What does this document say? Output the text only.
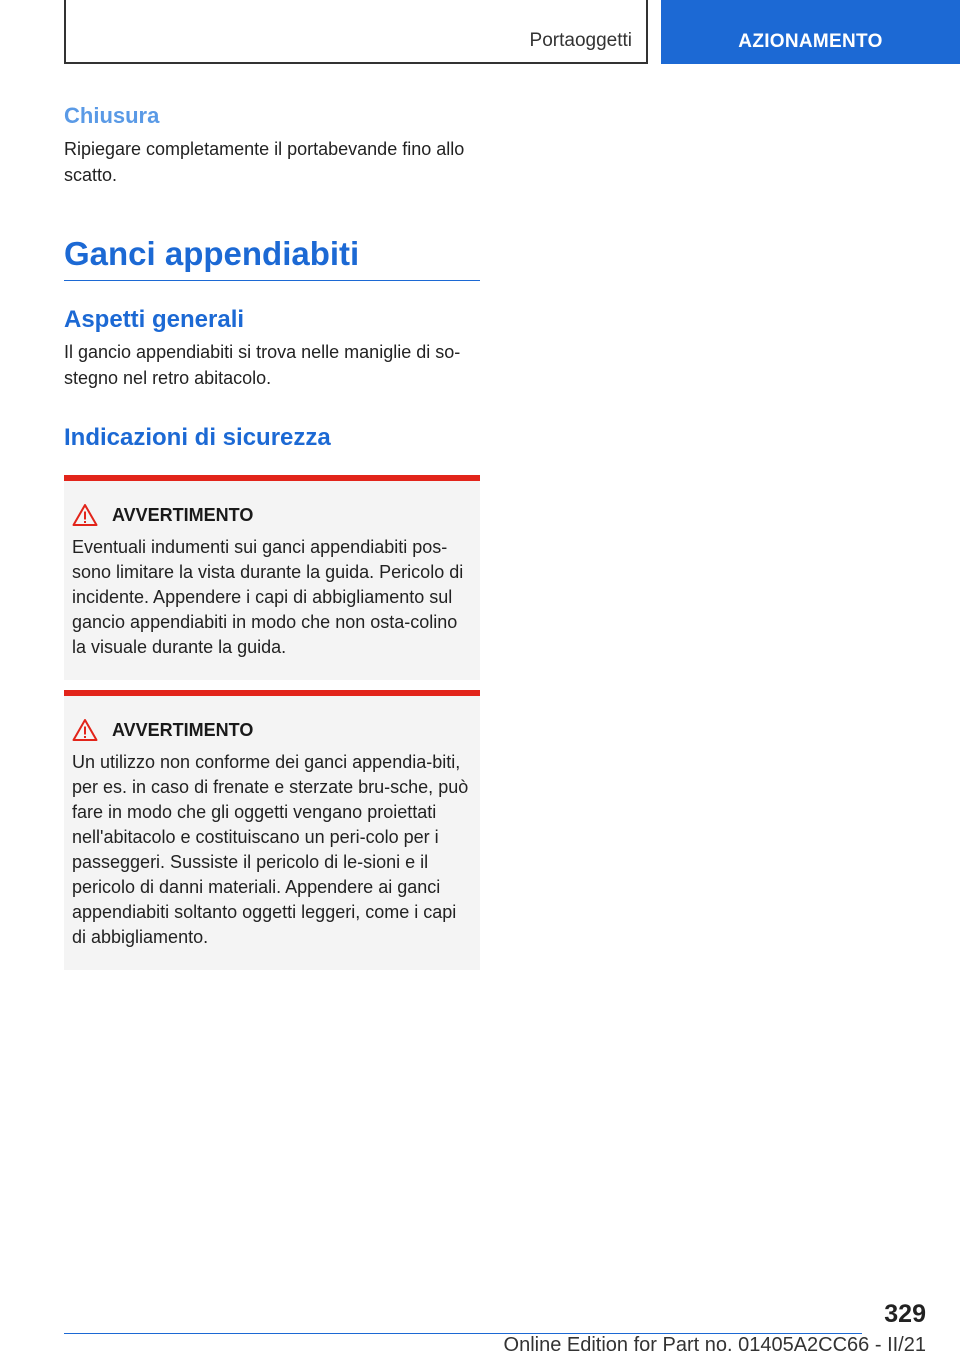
Portaoggetti	AZIONAMENTO
Chiusura

Ripiegare completamente il portabevande fino allo scatto.

Ganci appendiabiti
Aspetti generali

Il gancio appendiabiti si trova nelle maniglie di so-stegno nel retro abitacolo.

Indicazioni di sicurezza
AVVERTIMENTO
Eventuali indumenti sui ganci appendiabiti pos-sono limitare la vista durante la guida. Pericolo di incidente. Appendere i capi di abbigliamento sul gancio appendiabiti in modo che non osta-colino la visuale durante la guida.
AVVERTIMENTO
Un utilizzo non conforme dei ganci appendia-biti, per es. in caso di frenate e sterzate bru-sche, può fare in modo che gli oggetti vengano proiettati nell'abitacolo e costituiscano un peri-colo per i passeggeri. Sussiste il pericolo di le-sioni e il pericolo di danni materiali. Appendere ai ganci appendiabiti soltanto oggetti leggeri, come i capi di abbigliamento.
329
Online Edition for Part no. 01405A2CC66 - II/21
